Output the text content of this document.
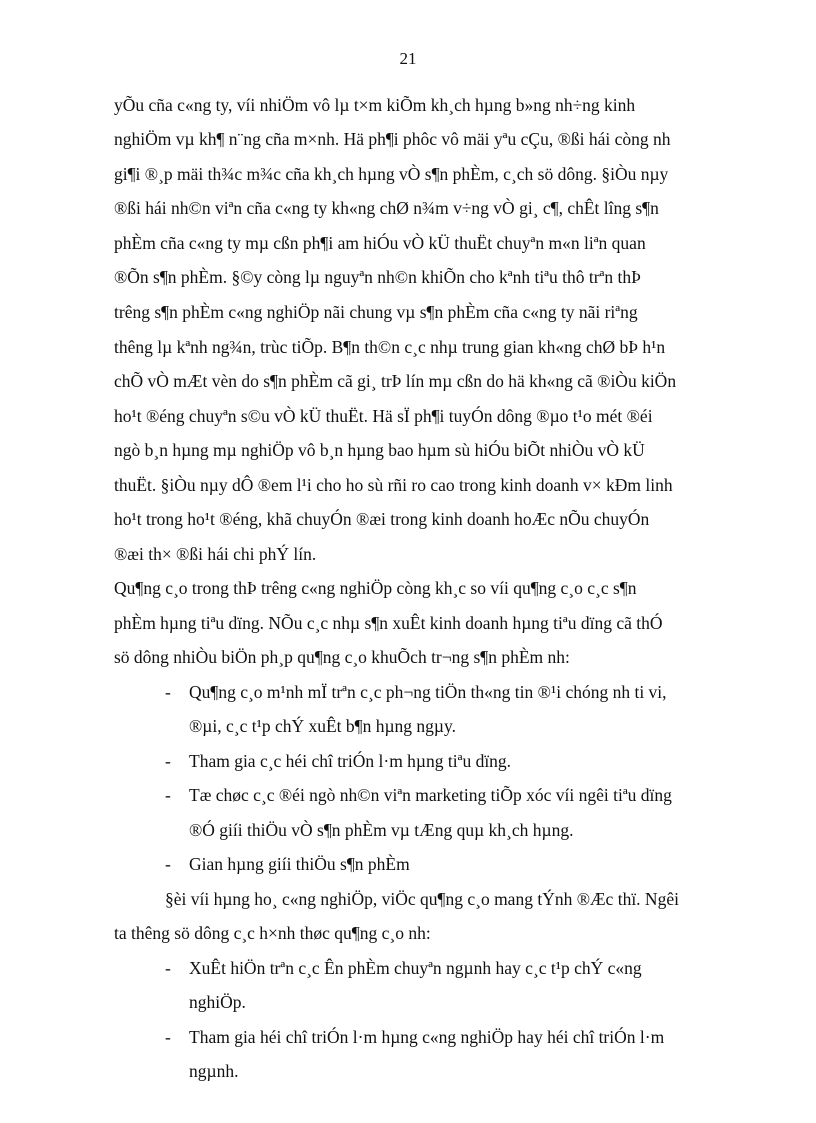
21
yÕu cña c«ng ty, víi nhiÖm vô lµ t×m kiÕm kh¸ch hµng b»ng nh÷ng kinh
nghiÖm vµ kh¶ n¨ng cña m×nh. Hä ph¶i phôc vô mäi yªu cÇu, ®ßi hái còng nh
gi¶i ®¸p mäi th¾c m¾c cña kh¸ch hµng vÒ s¶n phÈm, c¸ch sö dông. §iÒu nµy
®ßi hái nh©n viªn cña c«ng ty kh«ng chØ n¾m v÷ng vÒ gi¸ c¶, chÊt lîng s¶n
phÈm cña c«ng ty mµ cßn ph¶i am hiÓu vÒ kÜ thuËt chuyªn m«n liªn quan
®Õn s¶n phÈm. §©y còng lµ nguyªn nh©n khiÕn cho kªnh tiªu thô trªn thÞ
trêng s¶n phÈm c«ng nghiÖp nãi chung vµ s¶n phÈm cña c«ng ty nãi riªng
thêng lµ kªnh ng¾n, trùc tiÕp. B¶n th©n c¸c nhµ trung gian kh«ng chØ bÞ h¹n
chÕ vÒ mÆt vèn do s¶n phÈm cã gi¸ trÞ lín mµ cßn do hä kh«ng cã ®iÒu kiÖn
ho¹t ®éng chuyªn s©u vÒ kÜ thuËt. Hä sÏ ph¶i tuyÓn dông ®µo t¹o mét ®éi
ngò b¸n hµng mµ nghiÖp vô b¸n hµng bao hµm sù hiÓu biÕt nhiÒu vÒ kÜ
thuËt. §iÒu nµy dÔ ®em l¹i cho ho sù rñi ro cao trong kinh doanh v× kÐm linh
ho¹t trong ho¹t ®éng, khã chuyÓn ®æi trong kinh doanh hoÆc nÕu chuyÓn
®æi th× ®ßi hái chi phÝ lín.
Qu¶ng c¸o trong thÞ trêng c«ng nghiÖp còng kh¸c so víi qu¶ng c¸o c¸c s¶n
phÈm hµng tiªu dïng. NÕu c¸c nhµ s¶n xuÊt kinh doanh hµng tiªu dïng cã thÓ
sö dông nhiÒu biÖn ph¸p qu¶ng c¸o khuÕch tr¬ng s¶n phÈm nh:
- Qu¶ng c¸o m¹nh mÏ trªn c¸c ph¬ng tiÖn th«ng tin ®¹i chóng nh ti vi,
®µi, c¸c t¹p chÝ xuÊt b¶n hµng ngµy.
- Tham gia c¸c héi chî triÓn l·m hµng tiªu dïng.
- Tæ chøc c¸c ®éi ngò nh©n viªn marketing tiÕp xóc víi ngêi tiªu dïng
®Ó giíi thiÖu vÒ s¶n phÈm vµ tÆng quµ kh¸ch hµng.
- Gian hµng giíi thiÖu s¶n phÈm
§èi víi hµng ho¸ c«ng nghiÖp, viÖc qu¶ng c¸o mang tÝnh ®Æc thï. Ngêi
ta thêng sö dông c¸c h×nh thøc qu¶ng c¸o nh:
- XuÊt hiÖn trªn c¸c Ên phÈm chuyªn ngµnh hay c¸c t¹p chÝ c«ng
nghiÖp.
- Tham gia héi chî triÓn l·m hµng c«ng nghiÖp hay héi chî triÓn l·m
ngµnh.
